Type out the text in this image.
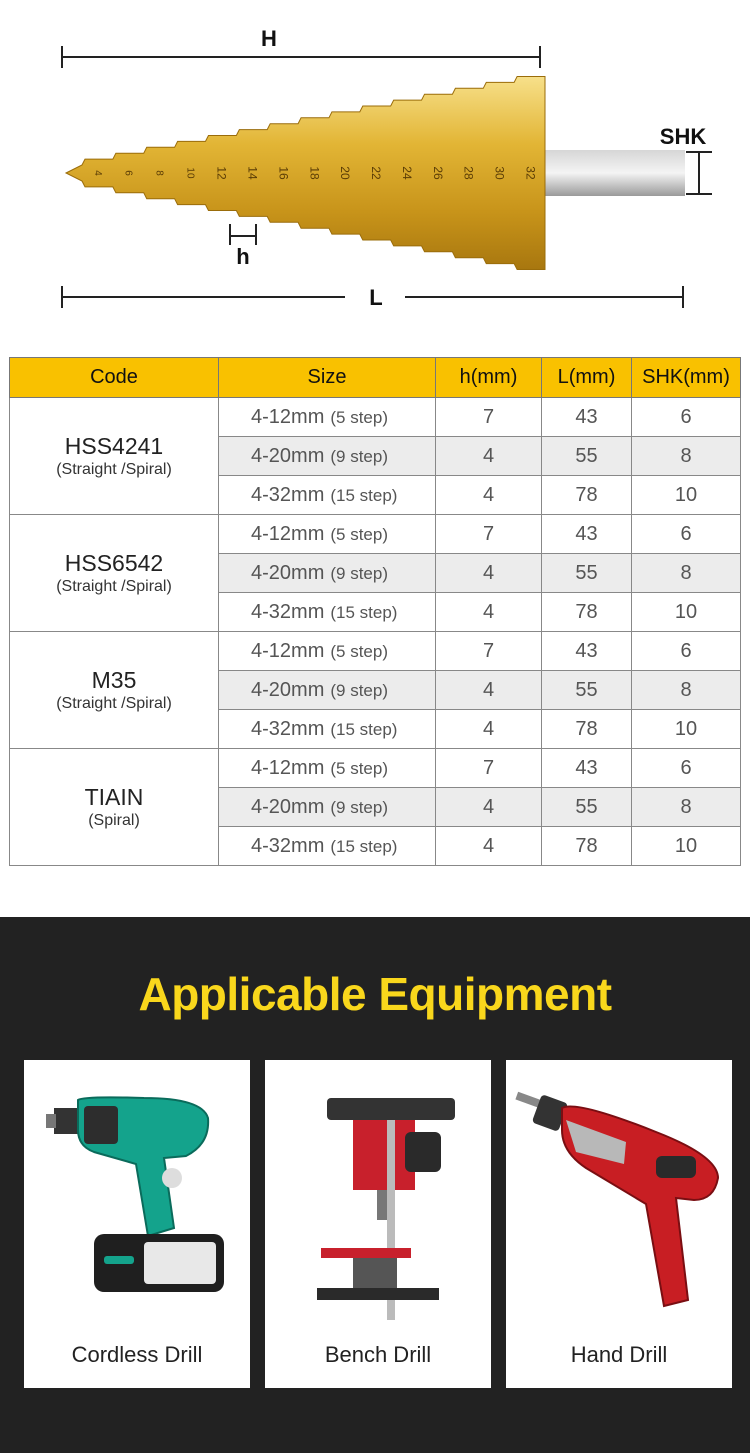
H
4 6 8 10 12 14 16 18 20 22 24 26 28 30 32
SHK
h
L
Code	Size	h(mm)	L(mm)	SHK(mm)

HSS4241
(Straight /Spiral)	4-12mm (5 step)	7	43	6
	4-20mm (9 step)	4	55	8
	4-32mm (15 step)	4	78	10

HSS6542
(Straight /Spiral)	4-12mm (5 step)	7	43	6
	4-20mm (9 step)	4	55	8
	4-32mm (15 step)	4	78	10

M35
(Straight /Spiral)	4-12mm (5 step)	7	43	6
	4-20mm (9 step)	4	55	8
	4-32mm (15 step)	4	78	10

TIAIN
(Spiral)	4-12mm (5 step)	7	43	6
	4-20mm (9 step)	4	55	8
	4-32mm (15 step)	4	78	10
Applicable Equipment
Cordless Drill	Bench Drill	Hand Drill
